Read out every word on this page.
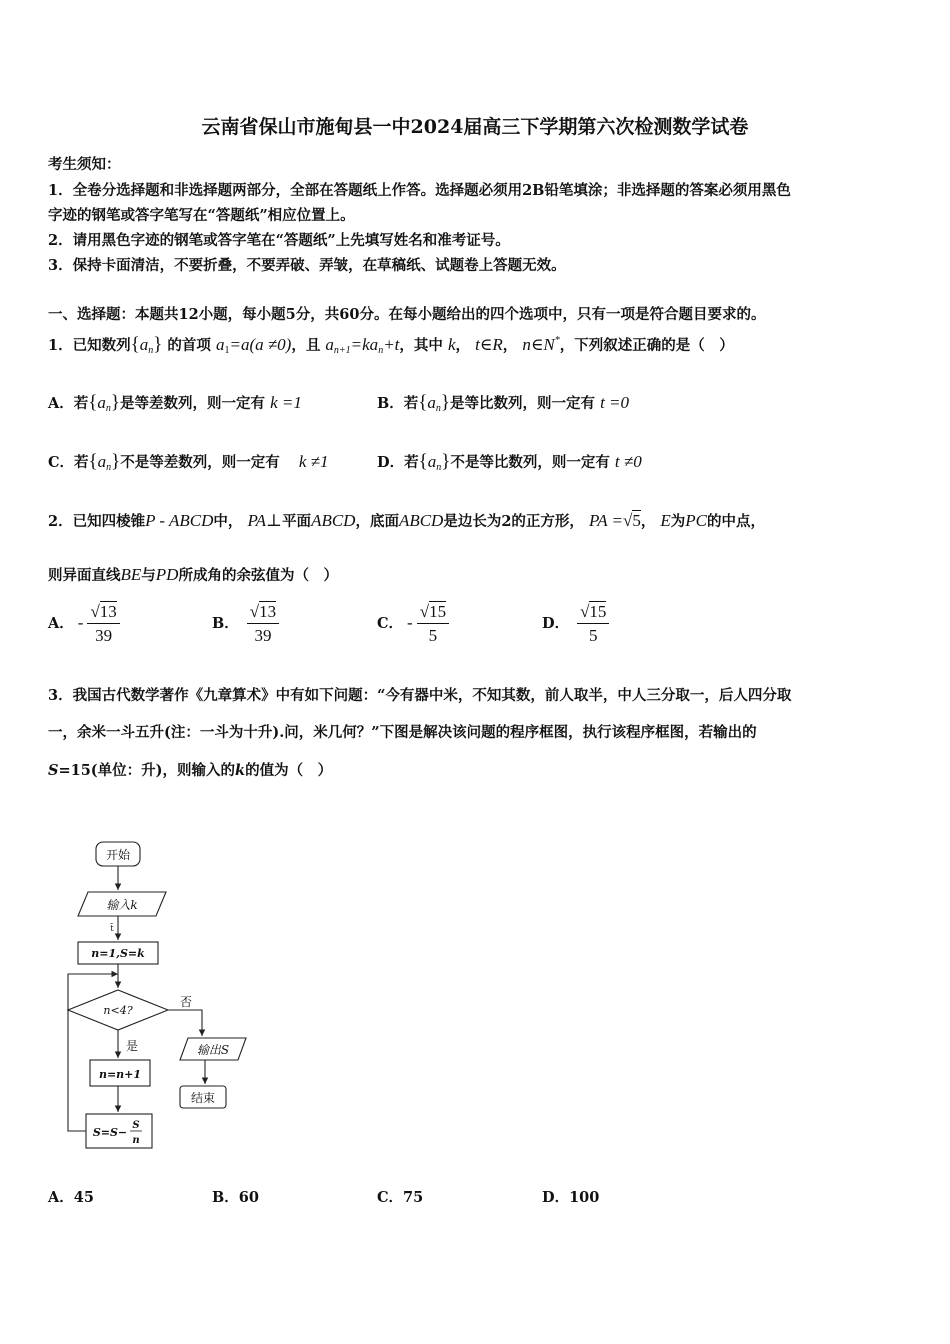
云南省保山市施甸县一中2024届高三下学期第六次检测数学试卷
考生须知：
1．全卷分选择题和非选择题两部分，全部在答题纸上作答。选择题必须用2B铅笔填涂；非选择题的答案必须用黑色
字迹的钢笔或答字笔写在“答题纸”相应位置上。
2．请用黑色字迹的钢笔或答字笔在“答题纸”上先填写姓名和准考证号。
3．保持卡面清洁，不要折叠，不要弄破、弄皱，在草稿纸、试题卷上答题无效。
一、选择题：本题共12小题，每小题5分，共60分。在每小题给出的四个选项中，只有一项是符合题目要求的。
1．已知数列$\{a_n\}$ 的首项 $a_1=a(a \ne 0)$，且 $a_{n+1}=ka_n+t$，其中 k， t∈R， n∈N*，下列叙述正确的是（　）
A．若$\{a_n\}$是等差数列，则一定有 k =1	B．若$\{a_n\}$是等比数列，则一定有 t =0
C．若$\{a_n\}$不是等差数列，则一定有 k ≠1	D．若$\{a_n\}$不是等比数列，则一定有 t ≠0
2．已知四棱锥P - ABCD中， PA⊥平面ABCD，底面ABCD是边长为2的正方形， PA =√5， E为PC的中点，
则异面直线BE与PD所成角的余弦值为（　）
A． - $\frac{√13}{39}$	B． $\frac{√13}{39}$	C． - $\frac{√15}{5}$	D． $\frac{√15}{5}$
3．我国古代数学著作《九章算术》中有如下问题：“今有器中米，不知其数，前人取半，中人三分取一，后人四分取
一，余米一斗五升(注：一斗为十升).问，米几何？”下图是解决该问题的程序框图，执行该程序框图，若输出的
S=15(单位：升)，则输入的k的值为（　）
开始
输入k
t̄
n=1,S=k
n<4?
否
是	输出S
结束
n=n+1
S=S−
S
n
A．45	B．60	C．75	D．100
